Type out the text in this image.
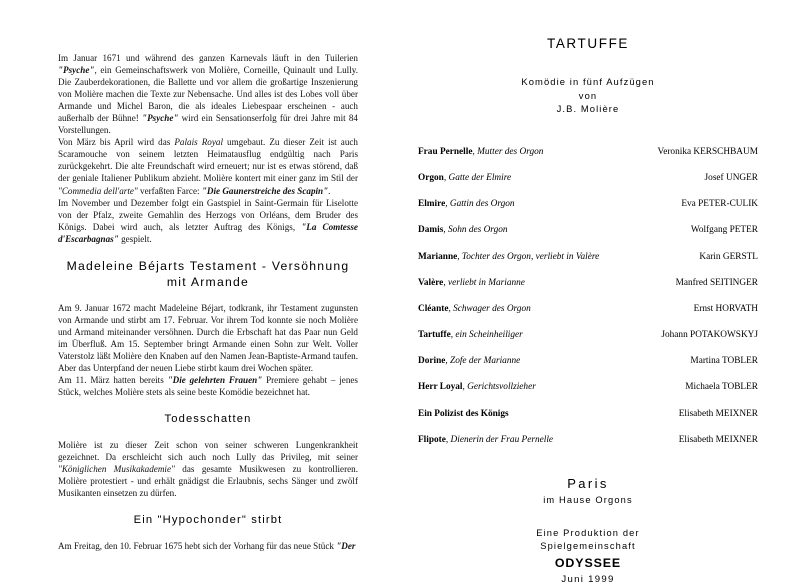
Im Januar 1671 und während des ganzen Karnevals läuft in den Tuilerien "Psyche", ein Gemeinschaftswerk von Molière, Corneille, Quinault und Lully. Die Zauberdekorationen, die Ballette und vor allem die großartige Inszenierung von Molière machen die Texte zur Nebensache. Und alles ist des Lobes voll über Armande und Michel Baron, die als ideales Liebespaar erscheinen - auch außerhalb der Bühne! "Psyche" wird ein Sensationserfolg für drei Jahre mit 84 Vorstellungen.

Von März bis April wird das Palais Royal umgebaut. Zu dieser Zeit ist auch Scaramouche von seinem letzten Heimatausflug endgültig nach Paris zurückgekehrt. Die alte Freundschaft wird erneuert; nur ist es etwas störend, daß der geniale Italiener Publikum abzieht. Molière kontert mit einer ganz im Stil der "Commedia dell'arte" verfaßten Farce: "Die Gaunerstreiche des Scapin".

Im November und Dezember folgt ein Gastspiel in Saint-Germain für Liselotte von der Pfalz, zweite Gemahlin des Herzogs von Orléans, dem Bruder des Königs. Dabei wird auch, als letzter Auftrag des Königs, "La Comtesse d'Escarbagnas" gespielt.

Madeleine Béjarts Testament - Versöhnung mit Armande

Am 9. Januar 1672 macht Madeleine Béjart, todkrank, ihr Testament zugunsten von Armande und stirbt am 17. Februar. Vor ihrem Tod konnte sie noch Molière und Armand miteinander versöhnen. Durch die Erbschaft hat das Paar nun Geld im Überfluß. Am 15. September bringt Armande einen Sohn zur Welt. Voller Vaterstolz läßt Molière den Knaben auf den Namen Jean-Baptiste-Armand taufen. Aber das Unterpfand der neuen Liebe stirbt kaum drei Wochen später.

Am 11. März hatten bereits "Die gelehrten Frauen" Premiere gehabt – jenes Stück, welches Molière stets als seine beste Komödie bezeichnet hat.

Todesschatten

Molière ist zu dieser Zeit schon von seiner schweren Lungenkrankheit gezeichnet. Da erschleicht sich auch noch Lully das Privileg, mit seiner "Königlichen Musikakademie" das gesamte Musikwesen zu kontrollieren. Molière protestiert - und erhält gnädigst die Erlaubnis, sechs Sänger und zwölf Musikanten einsetzen zu dürfen.

Ein "Hypochonder" stirbt

Am Freitag, den 10. Februar 1675 hebt sich der Vorhang für das neue Stück "Der

TARTUFFE
Komödie in fünf Aufzügen
von
J.B. Molière
Frau Pernelle, Mutter des Orgon	Veronika KERSCHBAUM
Orgon, Gatte der Elmire	Josef UNGER
Elmire, Gattin des Orgon	Eva PETER-CULIK
Damis, Sohn des Orgon	Wolfgang PETER
Marianne, Tochter des Orgon, verliebt in Valère	Karin GERSTL
Valère, verliebt in Marianne	Manfred SEITINGER
Cléante, Schwager des Orgon	Ernst HORVATH
Tartuffe, ein Scheinheiliger	Johann POTAKOWSKYJ
Dorine, Zofe der Marianne	Martina TOBLER
Herr Loyal, Gerichtsvollzieher	Michaela TOBLER
Ein Polizist des Königs	Elisabeth MEIXNER
Flipote, Dienerin der Frau Pernelle	Elisabeth MEIXNER
Paris
im Hause Orgons
Eine Produktion der
Spielgemeinschaft
ODYSSEE
Juni 1999
